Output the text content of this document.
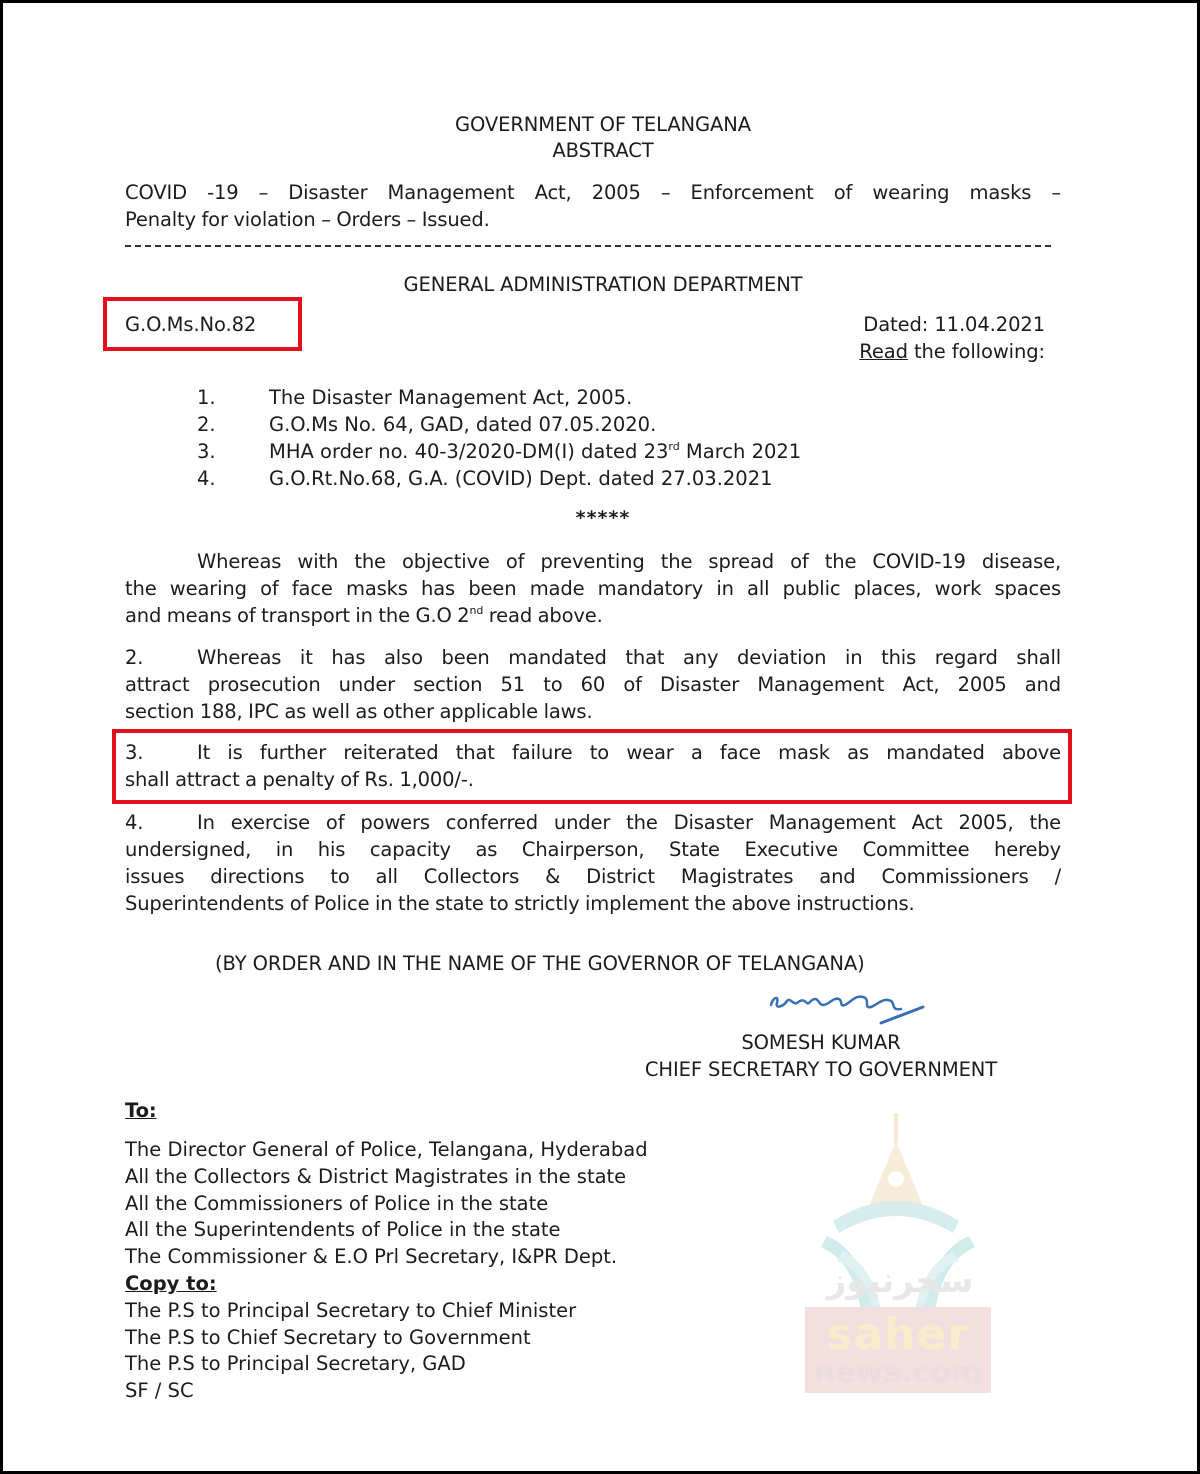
GOVERNMENT OF TELANGANA
ABSTRACT
COVID -19 – Disaster Management Act, 2005 – Enforcement of wearing masks –
Penalty for violation – Orders – Issued.
GENERAL ADMINISTRATION DEPARTMENT
G.O.Ms.No.82	Dated: 11.04.2021
Read the following:
1.	The Disaster Management Act, 2005.
2.	G.O.Ms No. 64, GAD, dated 07.05.2020.
3.	MHA order no. 40-3/2020-DM(I) dated 23rd March 2021
4.	G.O.Rt.No.68, G.A. (COVID) Dept. dated 27.03.2021
*****
Whereas with the objective of preventing the spread of the COVID-19 disease,
the wearing of face masks has been made mandatory in all public places, work spaces
and means of transport in the G.O 2nd read above.
2.	Whereas it has also been mandated that any deviation in this regard shall
attract prosecution under section 51 to 60 of Disaster Management Act, 2005 and
section 188, IPC as well as other applicable laws.
3.	It is further reiterated that failure to wear a face mask as mandated above
shall attract a penalty of Rs. 1,000/-.
4.	In exercise of powers conferred under the Disaster Management Act 2005, the
undersigned, in his capacity as Chairperson, State Executive Committee hereby
issues directions to all Collectors & District Magistrates and Commissioners /
Superintendents of Police in the state to strictly implement the above instructions.
(BY ORDER AND IN THE NAME OF THE GOVERNOR OF TELANGANA)
SOMESH KUMAR
CHIEF SECRETARY TO GOVERNMENT
To:
The Director General of Police, Telangana, Hyderabad
All the Collectors & District Magistrates in the state
All the Commissioners of Police in the state
All the Superintendents of Police in the state
The Commissioner & E.O Prl Secretary, I&PR Dept.
Copy to:
The P.S to Principal Secretary to Chief Minister
The P.S to Chief Secretary to Government
The P.S to Principal Secretary, GAD
SF / SC
سحرنيوز
saher
news.com
